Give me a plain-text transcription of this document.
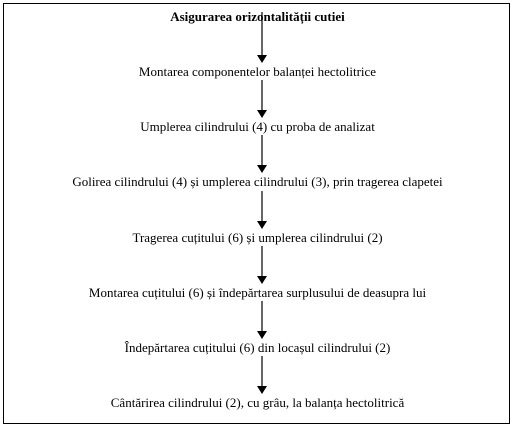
Asigurarea orizontalității cutiei
Montarea componentelor balanței hectolitrice
Umplerea cilindrului (4) cu proba de analizat
Golirea cilindrului (4) și umplerea cilindrului (3), prin tragerea clapetei
Tragerea cuțitului (6) și umplerea cilindrului (2)
Montarea cuțitului (6) și îndepărtarea surplusului de deasupra lui
Îndepărtarea cuțitului (6) din locașul cilindrului (2)
Cântărirea cilindrului (2), cu grâu, la balanța hectolitrică
